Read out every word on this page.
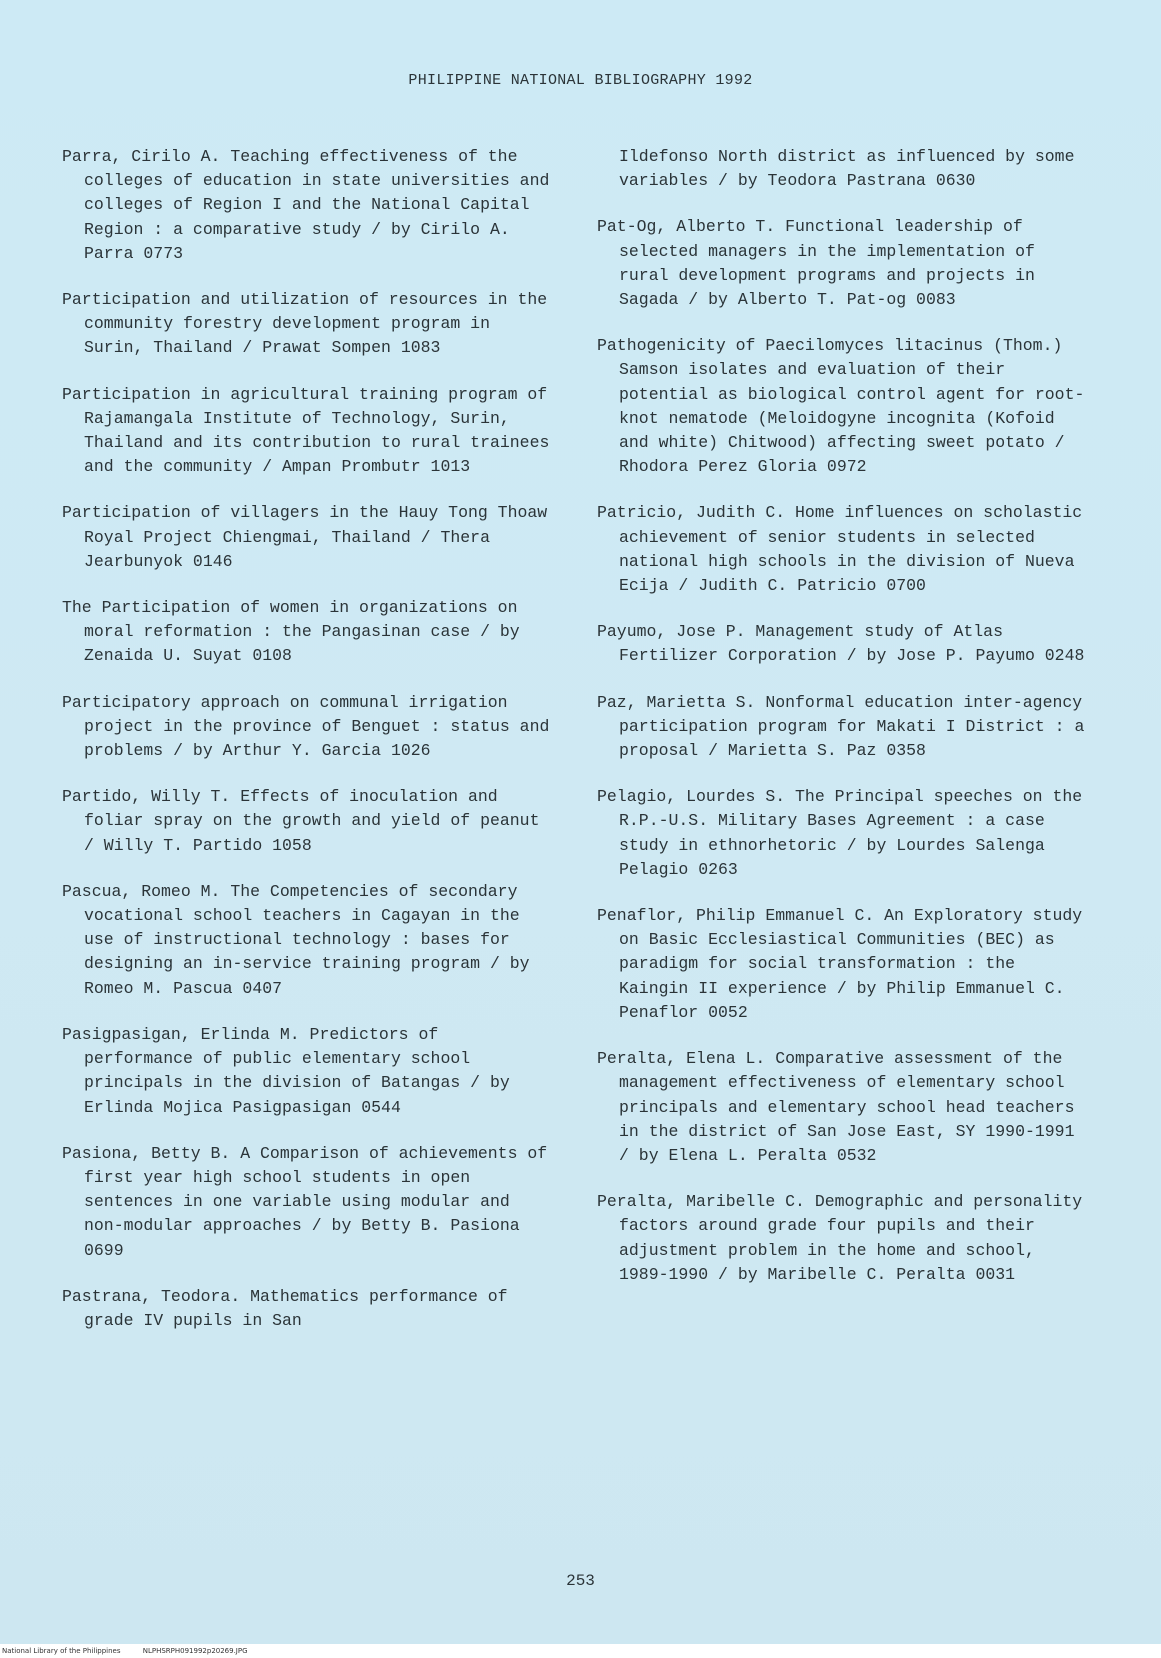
PHILIPPINE NATIONAL BIBLIOGRAPHY 1992

Parra, Cirilo A. Teaching effectiveness of the colleges of education in state universities and colleges of Region I and the National Capital Region : a comparative study / by Cirilo A. Parra 0773

Participation and utilization of resources in the community forestry development program in Surin, Thailand / Prawat Sompen 1083

Participation in agricultural training program of Rajamangala Institute of Technology, Surin, Thailand and its contribution to rural trainees and the community / Ampan Prombutr 1013

Participation of villagers in the Hauy Tong Thoaw Royal Project Chiengmai, Thailand / Thera Jearbunyok 0146

The Participation of women in organizations on moral reformation : the Pangasinan case / by Zenaida U. Suyat 0108

Participatory approach on communal irrigation project in the province of Benguet : status and problems / by Arthur Y. Garcia 1026

Partido, Willy T. Effects of inoculation and foliar spray on the growth and yield of peanut / Willy T. Partido 1058

Pascua, Romeo M. The Competencies of secondary vocational school teachers in Cagayan in the use of instructional technology : bases for designing an in-service training program / by Romeo M. Pascua 0407

Pasigpasigan, Erlinda M. Predictors of performance of public elementary school principals in the division of Batangas / by Erlinda Mojica Pasigpasigan 0544

Pasiona, Betty B. A Comparison of achievements of first year high school students in open sentences in one variable using modular and non-modular approaches / by Betty B. Pasiona 0699

Pastrana, Teodora. Mathematics performance of grade IV pupils in San

Ildefonso North district as influenced by some variables / by Teodora Pastrana 0630

Pat-Og, Alberto T. Functional leadership of selected managers in the implementation of rural development programs and projects in Sagada / by Alberto T. Pat-og 0083

Pathogenicity of Paecilomyces litacinus (Thom.) Samson isolates and evaluation of their potential as biological control agent for root-knot nematode (Meloidogyne incognita (Kofoid and white) Chitwood) affecting sweet potato / Rhodora Perez Gloria 0972

Patricio, Judith C. Home influences on scholastic achievement of senior students in selected national high schools in the division of Nueva Ecija / Judith C. Patricio 0700

Payumo, Jose P. Management study of Atlas Fertilizer Corporation / by Jose P. Payumo 0248

Paz, Marietta S. Nonformal education inter-agency participation program for Makati I District : a proposal / Marietta S. Paz 0358

Pelagio, Lourdes S. The Principal speeches on the R.P.-U.S. Military Bases Agreement : a case study in ethnorhetoric / by Lourdes Salenga Pelagio 0263

Penaflor, Philip Emmanuel C. An Exploratory study on Basic Ecclesiastical Communities (BEC) as paradigm for social transformation : the Kaingin II experience / by Philip Emmanuel C. Penaflor 0052

Peralta, Elena L. Comparative assessment of the management effectiveness of elementary school principals and elementary school head teachers in the district of San Jose East, SY 1990-1991 / by Elena L. Peralta 0532

Peralta, Maribelle C. Demographic and personality factors around grade four pupils and their adjustment problem in the home and school, 1989-1990 / by Maribelle C. Peralta 0031

253
National Library of the Philippines	NLPHSRPH091992p20269.JPG
